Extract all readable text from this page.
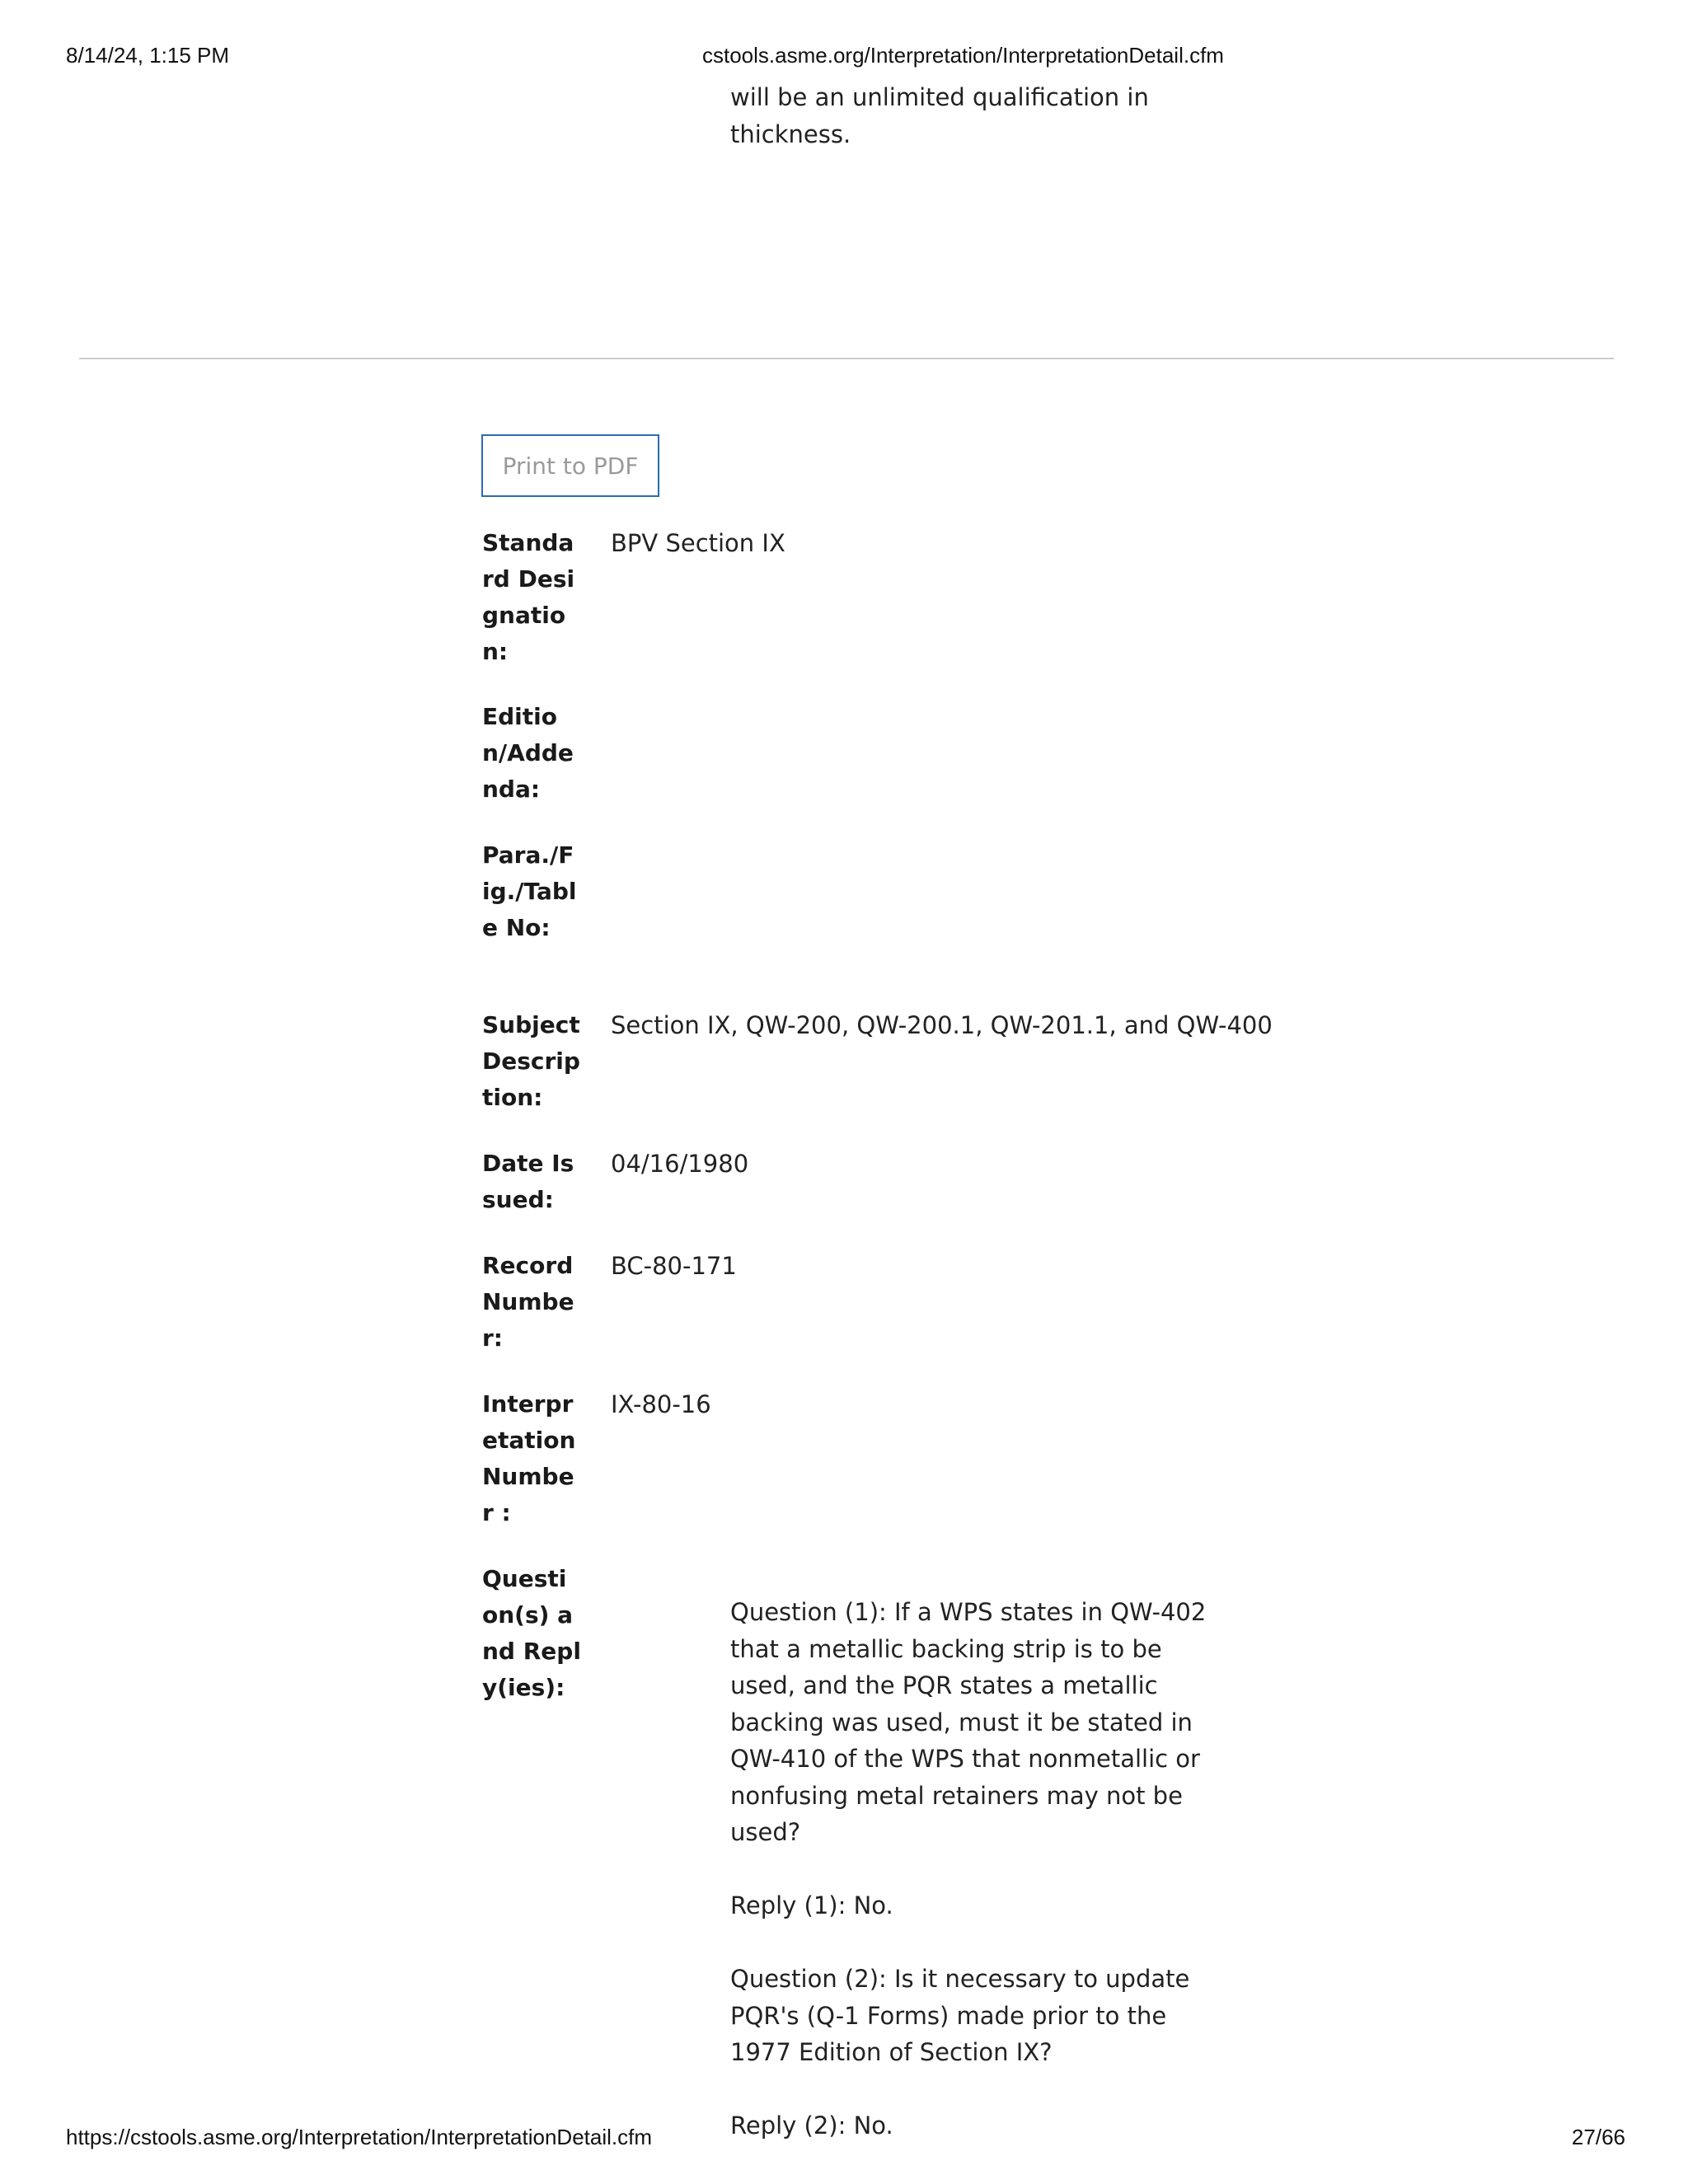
8/14/24, 1:15 PM	cstools.asme.org/Interpretation/InterpretationDetail.cfm
will be an unlimited qualification in thickness.
Print to PDF
Standard Designation:
BPV Section IX
Edition/Addenda:
Para./Fig./Table No:
Subject Description:
Section IX, QW-200, QW-200.1, QW-201.1, and QW-400
Date Issued:
04/16/1980
Record Number:
BC-80-171
Interpretation Number :
IX-80-16
Question(s) and Reply(ies):

Question (1): If a WPS states in QW-402 that a metallic backing strip is to be used, and the PQR states a metallic backing was used, must it be stated in QW-410 of the WPS that nonmetallic or nonfusing metal retainers may not be used?

Reply (1): No.

Question (2): Is it necessary to update PQR's (Q-1 Forms) made prior to the 1977 Edition of Section IX?

Reply (2): No.

https://cstools.asme.org/Interpretation/InterpretationDetail.cfm	27/66
